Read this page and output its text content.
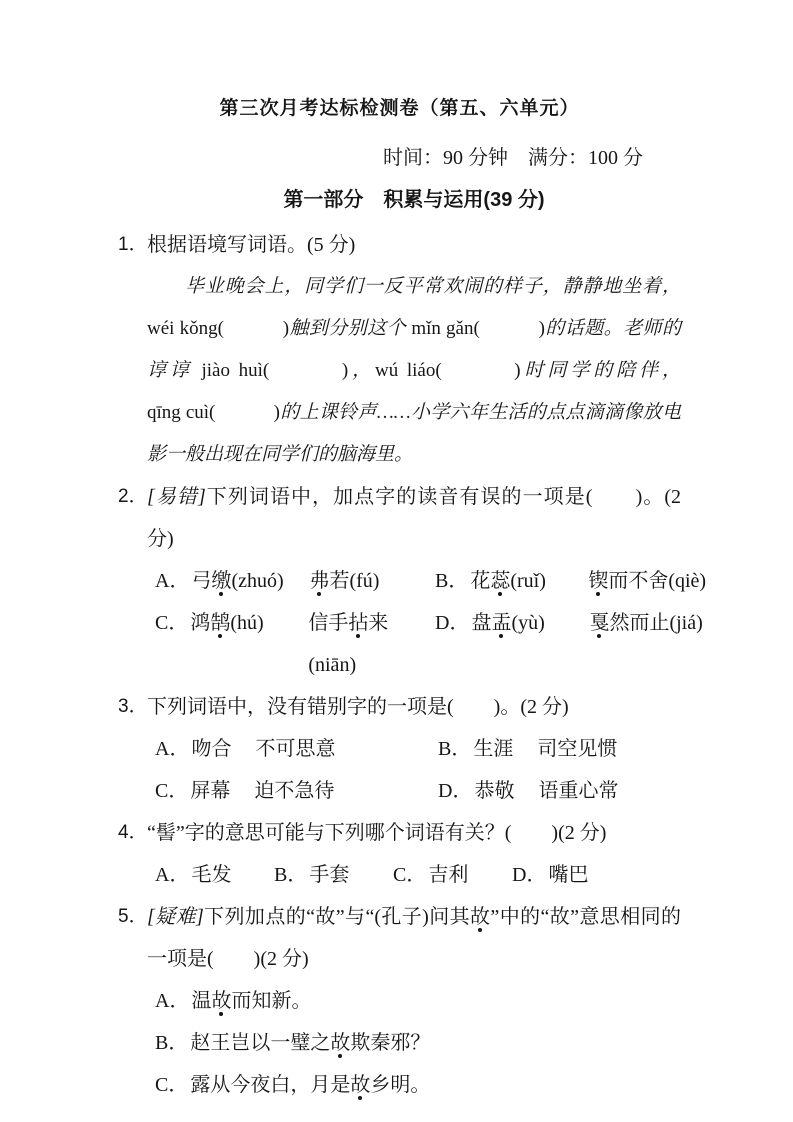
第三次月考达标检测卷（第五、六单元）
时间：90 分钟　满分：100 分
第一部分　积累与运用(39 分)
1． 根据语境写词语。(5 分)
毕业晚会上，同学们一反平常欢闹的样子，静静地坐着，wéi kǒng(　　　)触到分别这个 mǐn gǎn(　　　)的话题。老师的谆谆 jiào huì(　　　)，wú liáo(　　　)时同学的陪伴，qīng cuì(　　　)的上课铃声……小学六年生活的点点滴滴像放电影一般出现在同学们的脑海里。
2． [易错]下列词语中，加点字的读音有误的一项是(　　)。(2 分)
A． 弓缴(zhuó)	弗若(fú)	B． 花蕊(ruǐ)	锲而不舍(qiè)
C． 鸿鹄(hú)	信手拈来(niān)
D． 盘盂(yù)	戛然而止(jiá)
3． 下列词语中，没有错别字的一项是(　　)。(2 分)
A． 吻合	不可思意	B． 生涯	司空见惯
C． 屏幕	迫不急待	D． 恭敬	语重心常
4． “髻”字的意思可能与下列哪个词语有关？(　　)(2 分)
A． 毛发 B． 手套 C． 吉利 D． 嘴巴
5． [疑难]下列加点的“故”与“(孔子)问其故”中的“故”意思相同的一项是(　　)(2 分)
A． 温故而知新。
B． 赵王岂以一璧之故欺秦邪？
C． 露从今夜白，月是故乡明。
